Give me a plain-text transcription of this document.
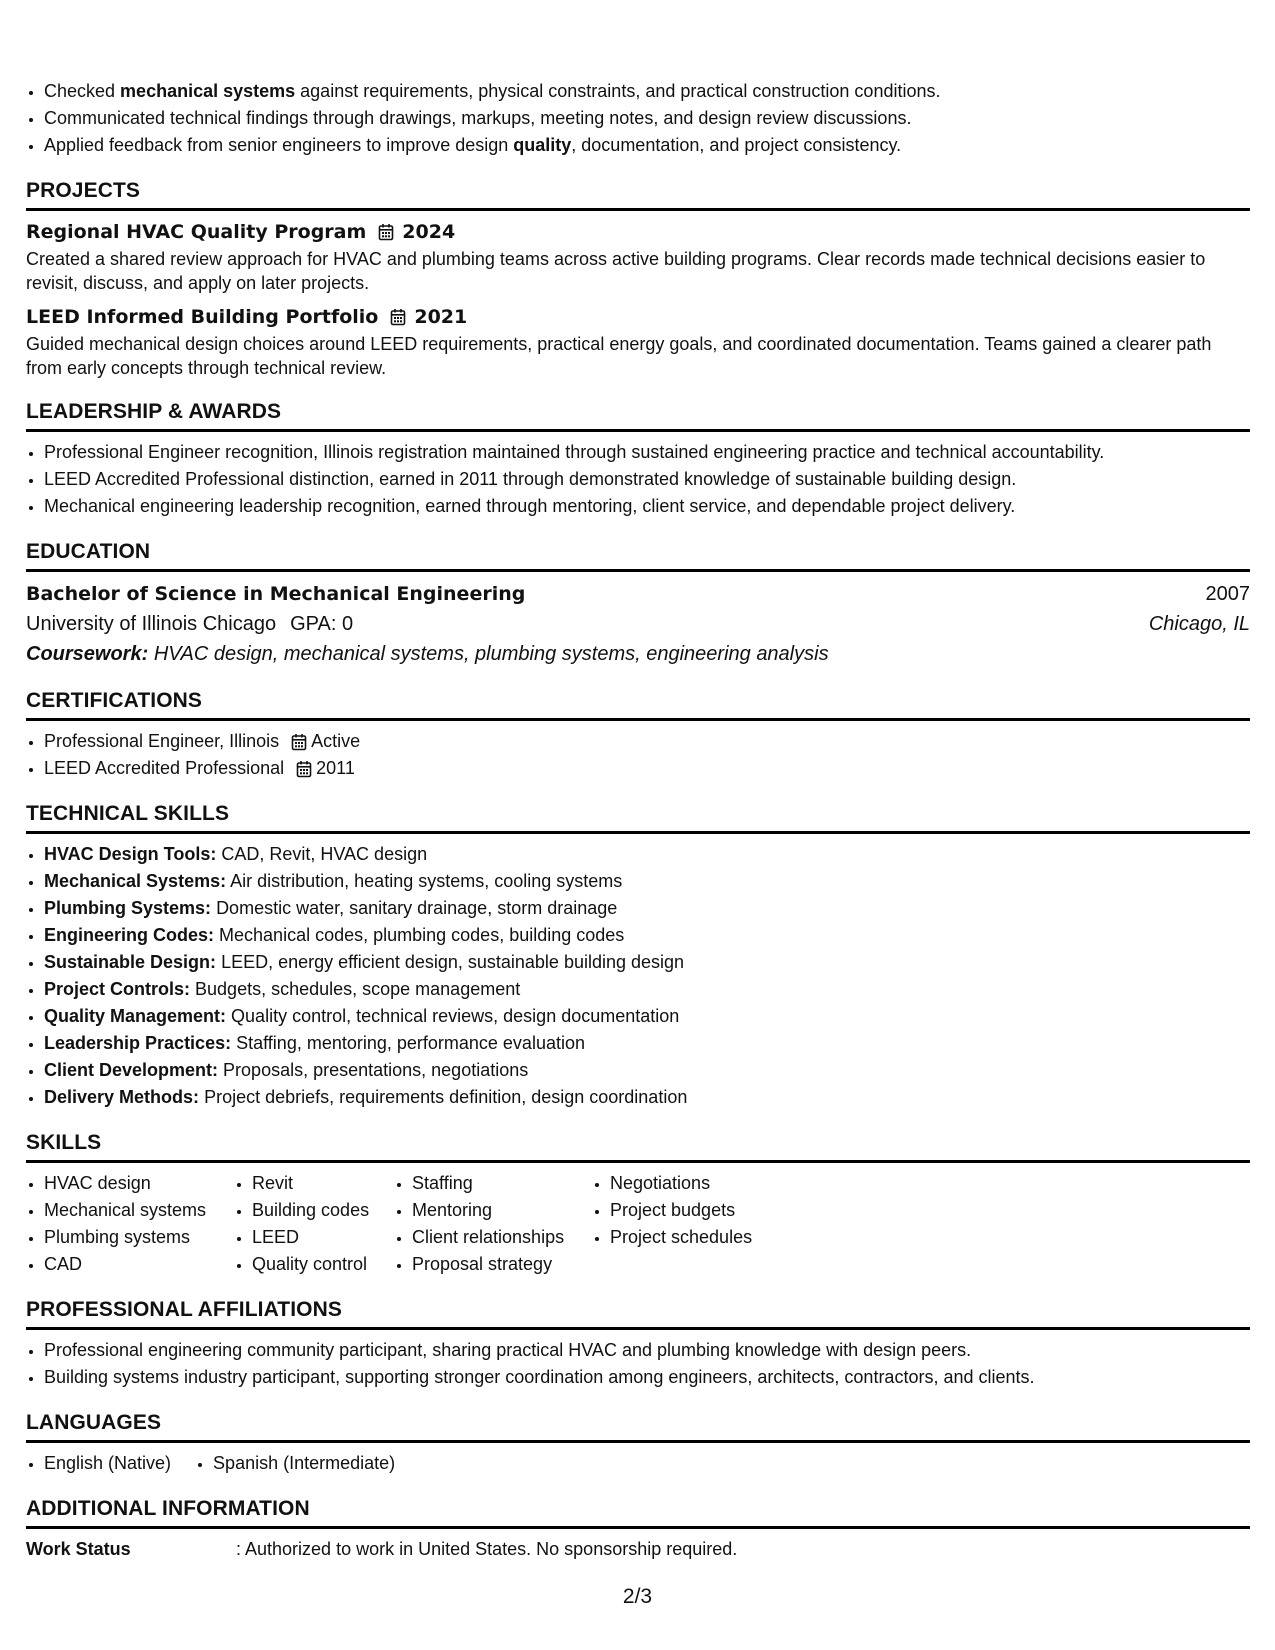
• Checked mechanical systems against requirements, physical constraints, and practical construction conditions.
• Communicated technical findings through drawings, markups, meeting notes, and design review discussions.
• Applied feedback from senior engineers to improve design quality, documentation, and project consistency.
PROJECTS
Regional HVAC Quality Program 2024
Created a shared review approach for HVAC and plumbing teams across active building programs. Clear records made technical decisions easier to revisit, discuss, and apply on later projects.
LEED Informed Building Portfolio 2021
Guided mechanical design choices around LEED requirements, practical energy goals, and coordinated documentation. Teams gained a clearer path from early concepts through technical review.
LEADERSHIP & AWARDS
• Professional Engineer recognition, Illinois registration maintained through sustained engineering practice and technical accountability.
• LEED Accredited Professional distinction, earned in 2011 through demonstrated knowledge of sustainable building design.
• Mechanical engineering leadership recognition, earned through mentoring, client service, and dependable project delivery.
EDUCATION
Bachelor of Science in Mechanical Engineering	2007
University of Illinois Chicago GPA: 0	Chicago, IL
Coursework: HVAC design, mechanical systems, plumbing systems, engineering analysis
CERTIFICATIONS
• Professional Engineer, Illinois Active
• LEED Accredited Professional 2011
TECHNICAL SKILLS
• HVAC Design Tools: CAD, Revit, HVAC design
• Mechanical Systems: Air distribution, heating systems, cooling systems
• Plumbing Systems: Domestic water, sanitary drainage, storm drainage
• Engineering Codes: Mechanical codes, plumbing codes, building codes
• Sustainable Design: LEED, energy efficient design, sustainable building design
• Project Controls: Budgets, schedules, scope management
• Quality Management: Quality control, technical reviews, design documentation
• Leadership Practices: Staffing, mentoring, performance evaluation
• Client Development: Proposals, presentations, negotiations
• Delivery Methods: Project debriefs, requirements definition, design coordination
SKILLS
• HVAC design
• Mechanical systems
• Plumbing systems
• CAD
• Revit
• Building codes
• LEED
• Quality control
• Staffing
• Mentoring
• Client relationships
• Proposal strategy
• Negotiations
• Project budgets
• Project schedules
PROFESSIONAL AFFILIATIONS
• Professional engineering community participant, sharing practical HVAC and plumbing knowledge with design peers.
• Building systems industry participant, supporting stronger coordination among engineers, architects, contractors, and clients.
LANGUAGES
• English (Native)
• Spanish (Intermediate)
ADDITIONAL INFORMATION
Work Status	: Authorized to work in United States. No sponsorship required.
2/3
